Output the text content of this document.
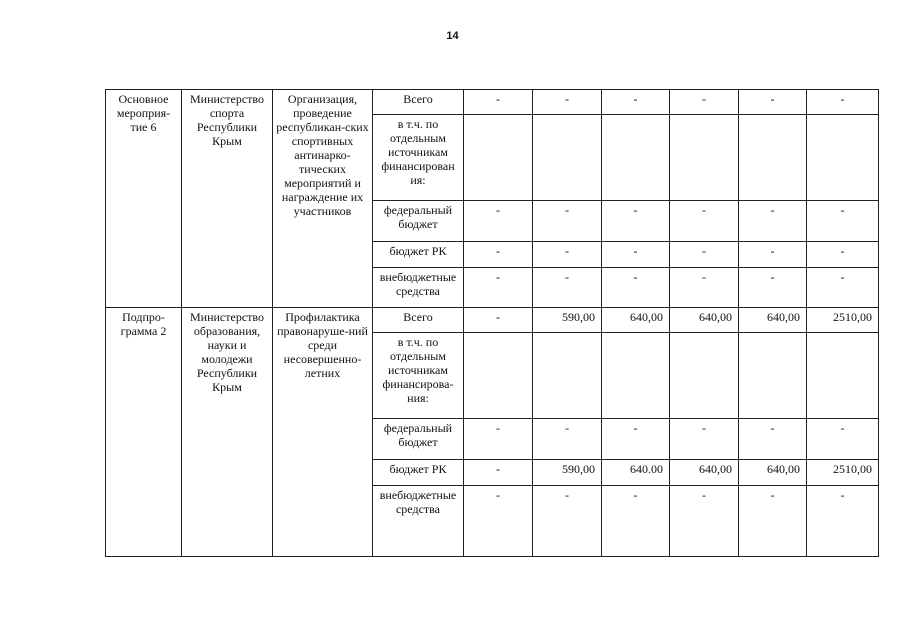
14
Основное мероприя-тие 6	Министерство спорта Республики Крым	Организация, проведение республикан-ских спортивных антинарко-тических мероприятий и награждение их участников	Всего	-	-	-	-	-	-
			в т.ч. по отдельным источникам финансирован ия:						
			федеральный бюджет	-	-	-	-	-	-
			бюджет РК	-	-	-	-	-	-
			внебюджетные средства	-	-	-	-	-	-
Подпро-грамма 2	Министерство образования, науки и молодежи Республики Крым	Профилактика правонаруше-ний среди несовершенно-летних	Всего	-	590,00	640,00	640,00	640,00	2510,00
			в т.ч. по отдельным источникам финансирова-ния:						
			федеральный бюджет	-	-	-	-	-	-
			бюджет РК	-	590,00	640.00	640,00	640,00	2510,00
			внебюджетные средства	-	-	-	-	-	-
